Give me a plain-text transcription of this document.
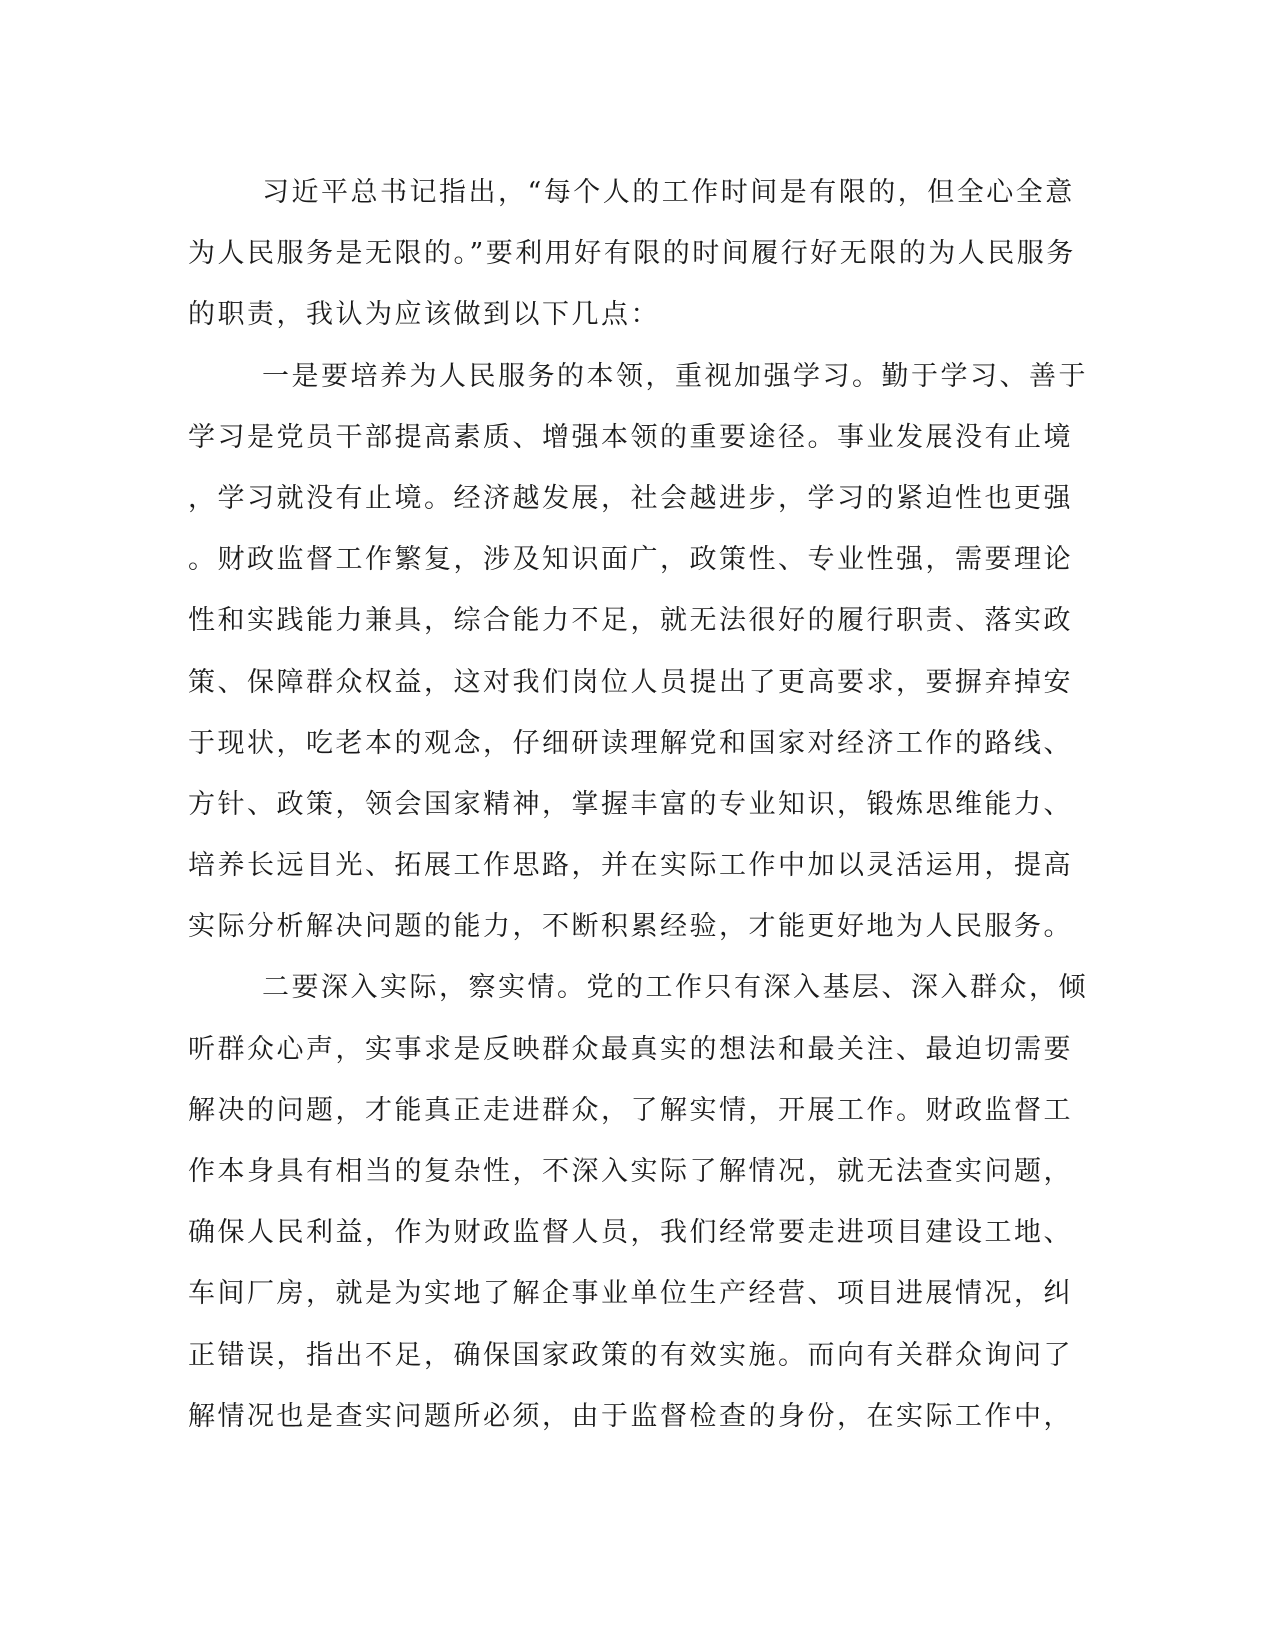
习近平总书记指出，“每个人的工作时间是有限的，但全心全意
为人民服务是无限的。”要利用好有限的时间履行好无限的为人民服务
的职责，我认为应该做到以下几点：
一是要培养为人民服务的本领，重视加强学习。勤于学习、善于
学习是党员干部提高素质、增强本领的重要途径。事业发展没有止境
，学习就没有止境。经济越发展，社会越进步，学习的紧迫性也更强
。财政监督工作繁复，涉及知识面广，政策性、专业性强，需要理论
性和实践能力兼具，综合能力不足，就无法很好的履行职责、落实政
策、保障群众权益，这对我们岗位人员提出了更高要求，要摒弃掉安
于现状，吃老本的观念，仔细研读理解党和国家对经济工作的路线、
方针、政策，领会国家精神，掌握丰富的专业知识，锻炼思维能力、
培养长远目光、拓展工作思路，并在实际工作中加以灵活运用，提高
实际分析解决问题的能力，不断积累经验，才能更好地为人民服务。
二要深入实际，察实情。党的工作只有深入基层、深入群众，倾
听群众心声，实事求是反映群众最真实的想法和最关注、最迫切需要
解决的问题，才能真正走进群众，了解实情，开展工作。财政监督工
作本身具有相当的复杂性，不深入实际了解情况，就无法查实问题，
确保人民利益，作为财政监督人员，我们经常要走进项目建设工地、
车间厂房，就是为实地了解企事业单位生产经营、项目进展情况，纠
正错误，指出不足，确保国家政策的有效实施。而向有关群众询问了
解情况也是查实问题所必须，由于监督检查的身份，在实际工作中，
